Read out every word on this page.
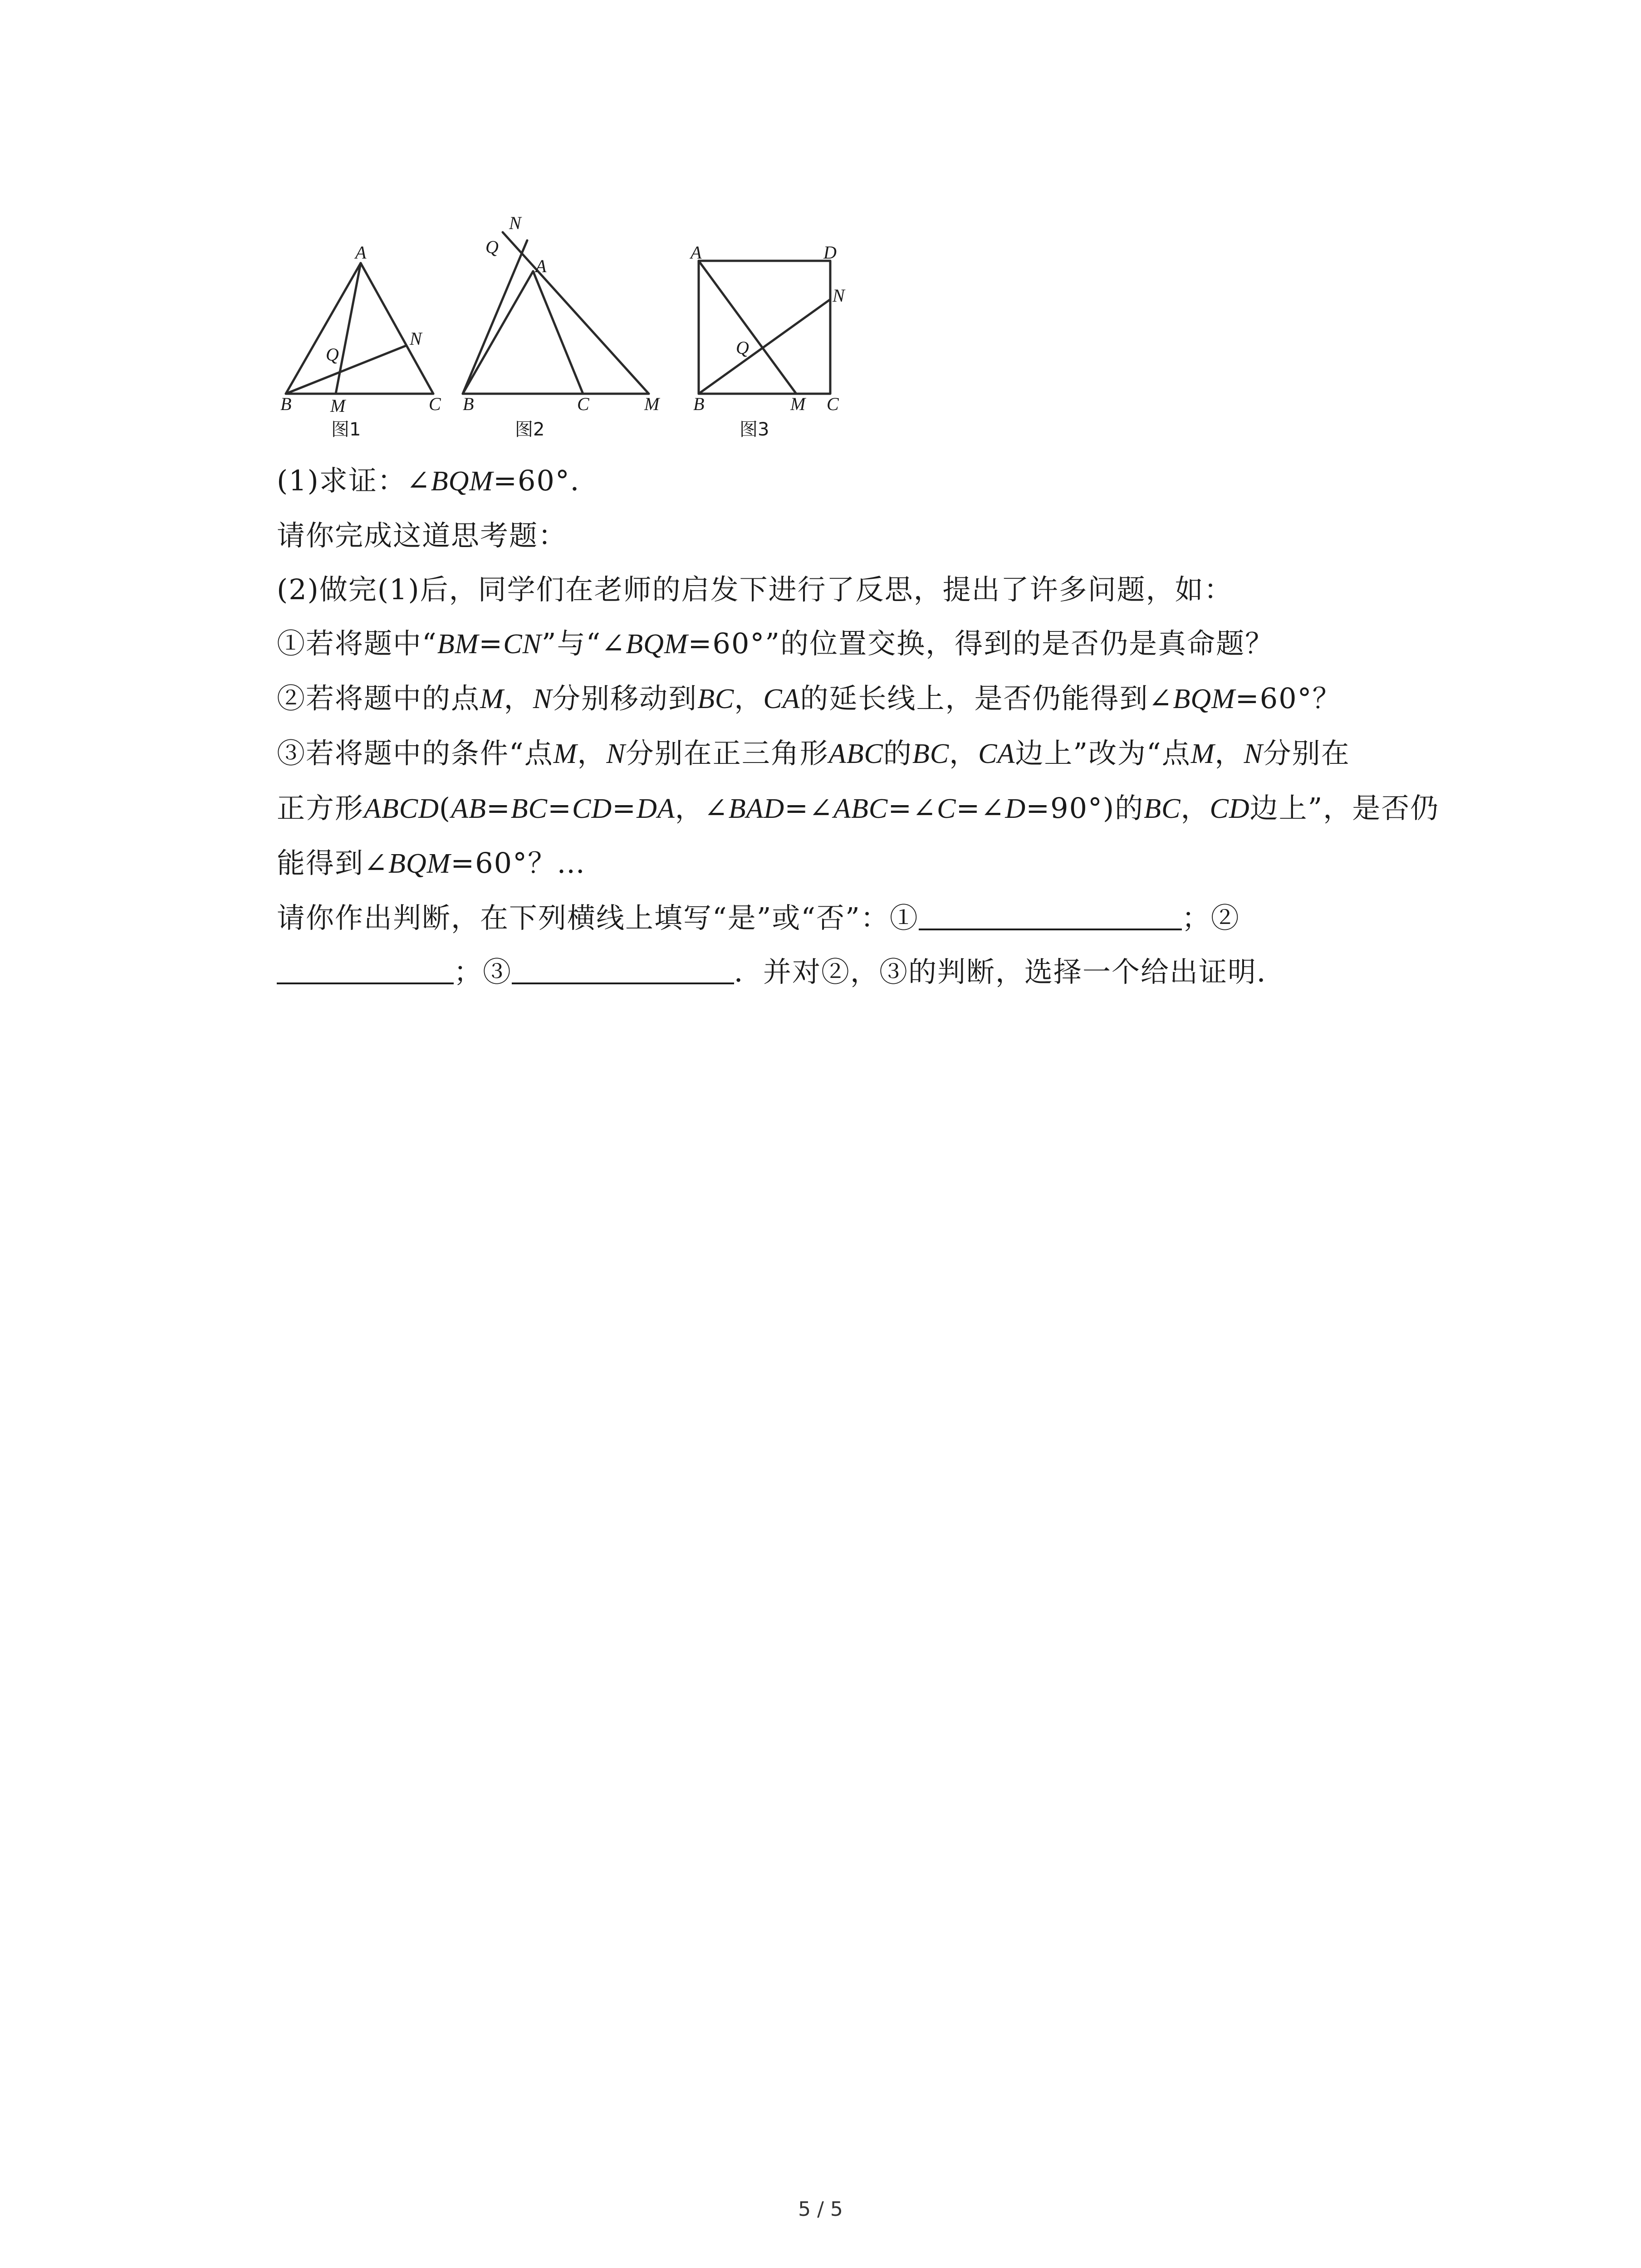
A
B	C
M
N
Q
图1
N
Q
A
B	C	M
图2
A	D
N
Q
B	M C
图3
(1)求证：∠BQM=60°．
请你完成这道思考题：
(2)做完(1)后，同学们在老师的启发下进行了反思，提出了许多问题，如：
①若将题中“BM=CN”与“∠BQM=60°”的位置交换，得到的是否仍是真命题？
②若将题中的点M，N分别移动到BC，CA的延长线上，是否仍能得到∠BQM=60°？
③若将题中的条件“点M，N分别在正三角形ABC的BC，CA边上”改为“点M，N分别在
正方形ABCD(AB=BC=CD=DA，∠BAD=∠ABC=∠C=∠D=90°)的BC，CD边上”，是否仍
能得到∠BQM=60°？…
请你作出判断，在下列横线上填写“是”或“否”：①	；②
；③	．并对②，③的判断，选择一个给出证明．
5 / 5
